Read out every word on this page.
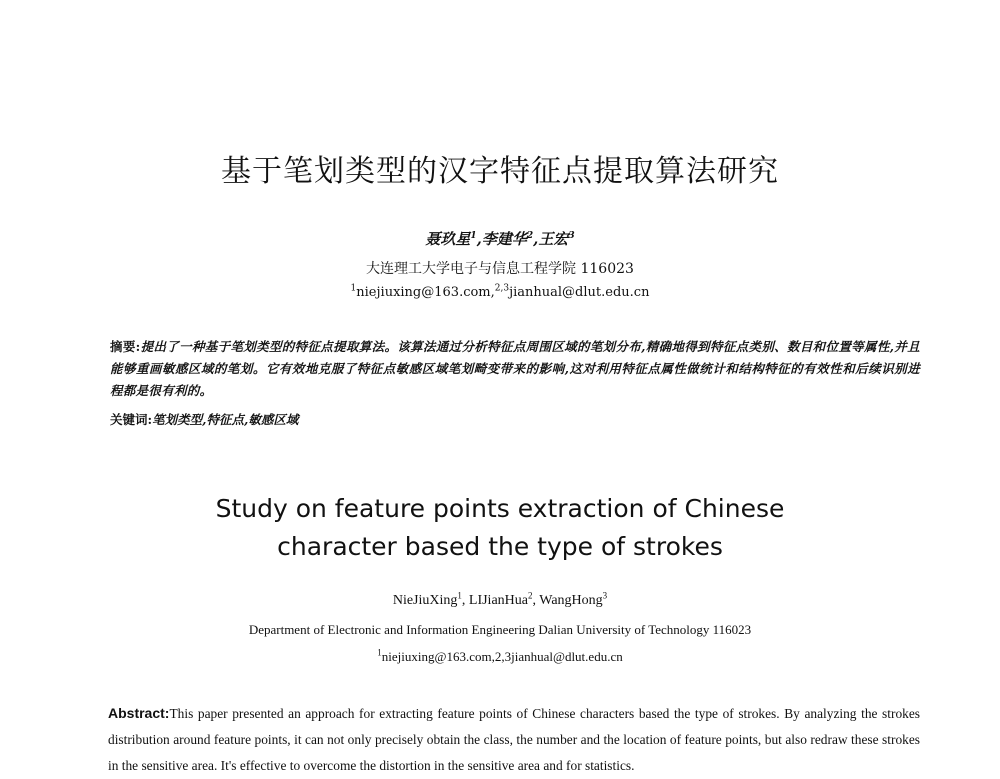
基于笔划类型的汉字特征点提取算法研究

聂玖星$^1$,李建华$^2$,王宏$^3$

大连理工大学电子与信息工程学院 116023

$^1$niejiuxing@163.com,$^{2,3}$jianhual@dlut.edu.cn

摘要:提出了一种基于笔划类型的特征点提取算法。该算法通过分析特征点周围区域的笔划分布,精确地得到特征点类别、数目和位置等属性,并且能够重画敏感区域的笔划。它有效地克服了特征点敏感区域笔划畸变带来的影响,这对利用特征点属性做统计和结构特征的有效性和后续识别进程都是很有利的。
关键词:笔划类型,特征点,敏感区域
Study on feature points extraction of Chinese
character based the type of strokes

NieJiuXing$^1$, LIJianHua$^2$, WangHong$^3$

Department of Electronic and Information Engineering Dalian University of Technology 116023

$^1$niejiuxing@163.com,2,3jianhual@dlut.edu.cn

Abstract:This paper presented an approach for extracting feature points of Chinese characters based the type of strokes. By analyzing the strokes distribution around feature points, it can not only precisely obtain the class, the number and the location of feature points, but also redraw these strokes in the sensitive area. It's effective to overcome the distortion in the sensitive area and for statistics.
